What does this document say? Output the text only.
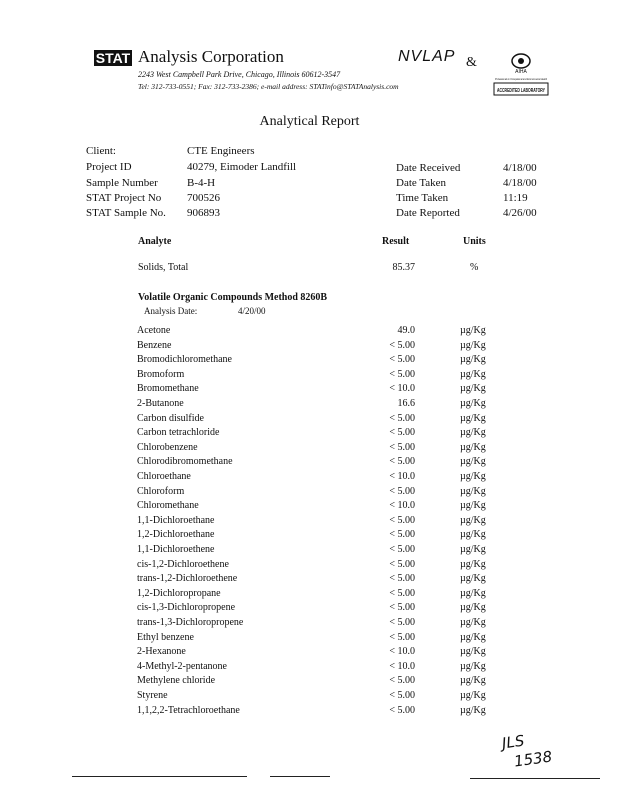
STAT Analysis Corporation
2243 West Campbell Park Drive, Chicago, Illinois 60612-3547
Tel: 312-733-0551; Fax: 312-733-2386; e-mail address: STATinfo@STATAnalysis.com
NVLAP &
AIHA
Professionals in Occupational and Environmental Health
ACCREDITED LABORATORY
Analytical Report
Client:	CTE Engineers
Project ID	40279, Eimoder Landfill
Sample Number	B-4-H
STAT Project No 700526
STAT Sample No. 906893
Date Received	4/18/00
Date Taken	4/18/00
Time Taken	11:19
Date Reported	4/26/00
Analyte	Result	Units
Solids, Total	85.37	%
Volatile Organic Compounds Method 8260B
Analysis Date:	4/20/00
Acetone	49.0	µg/Kg
Benzene	< 5.00	µg/Kg
Bromodichloromethane	< 5.00	µg/Kg
Bromoform	< 5.00	µg/Kg
Bromomethane	< 10.0	µg/Kg
2-Butanone	16.6	µg/Kg
Carbon disulfide	< 5.00	µg/Kg
Carbon tetrachloride	< 5.00	µg/Kg
Chlorobenzene	< 5.00	µg/Kg
Chlorodibromomethane	< 5.00	µg/Kg
Chloroethane	< 10.0	µg/Kg
Chloroform	< 5.00	µg/Kg
Chloromethane	< 10.0	µg/Kg
1,1-Dichloroethane	< 5.00	µg/Kg
1,2-Dichloroethane	< 5.00	µg/Kg
1,1-Dichloroethene	< 5.00	µg/Kg
cis-1,2-Dichloroethene	< 5.00	µg/Kg
trans-1,2-Dichloroethene	< 5.00	µg/Kg
1,2-Dichloropropane	< 5.00	µg/Kg
cis-1,3-Dichloropropene	< 5.00	µg/Kg
trans-1,3-Dichloropropene	< 5.00	µg/Kg
Ethyl benzene	< 5.00	µg/Kg
2-Hexanone	< 10.0	µg/Kg
4-Methyl-2-pentanone	< 10.0	µg/Kg
Methylene chloride	< 5.00	µg/Kg
Styrene	< 5.00	µg/Kg
1,1,2,2-Tetrachloroethane	< 5.00	µg/Kg
JLS
1538
